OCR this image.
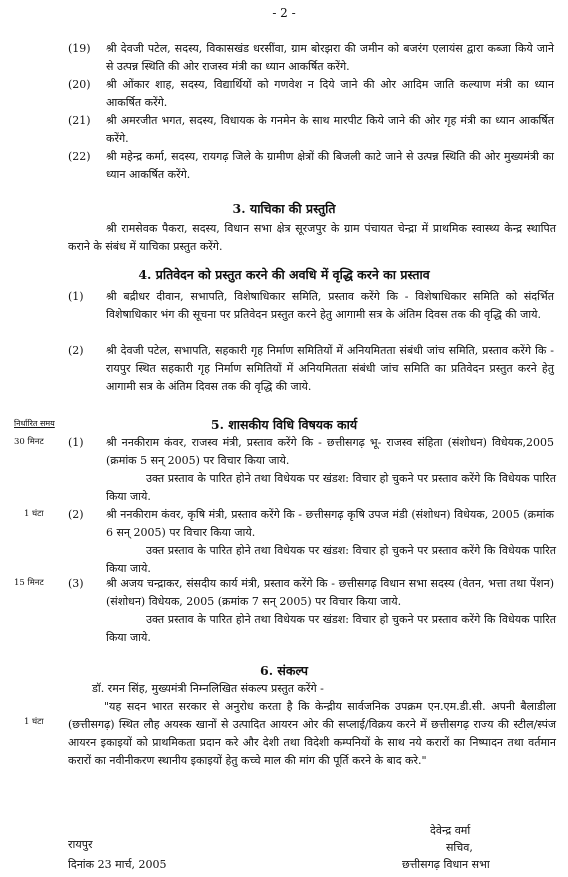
- 2 -
(19) श्री देवजी पटेल, सदस्य, विकासखंड धरसींवा, ग्राम बोरझरा की जमीन को बजरंग एलायंस द्वारा कब्जा किये जाने से उत्पन्न स्थिति की ओर राजस्व मंत्री का ध्यान आकर्षित करेंगे.
(20) श्री ओंकार शाह, सदस्य, विद्यार्थियों को गणवेश न दिये जाने की ओर आदिम जाति कल्याण मंत्री का ध्यान आकर्षित करेंगे.
(21) श्री अमरजीत भगत, सदस्य, विधायक के गनमेन के साथ मारपीट किये जाने की ओर गृह मंत्री का ध्यान आकर्षित करेंगे.
(22) श्री महेन्द्र कर्मा, सदस्य, रायगढ़ जिले के ग्रामीण क्षेत्रों की बिजली काटे जाने से उत्पन्न स्थिति की ओर मुख्यमंत्री का ध्यान आकर्षित करेंगे.
3. याचिका की प्रस्तुति
श्री रामसेवक पैकरा, सदस्य, विधान सभा क्षेत्र सूरजपुर के ग्राम पंचायत चेन्द्रा में प्राथमिक स्वास्थ्य केन्द्र स्थापित कराने के संबंध में याचिका प्रस्तुत करेंगे.
4. प्रतिवेदन को प्रस्तुत करने की अवधि में वृद्धि करने का प्रस्ताव
(1) श्री बद्रीधर दीवान, सभापति, विशेषाधिकार समिति, प्रस्ताव करेंगे कि - विशेषाधिकार समिति को संदर्भित विशेषाधिकार भंग की सूचना पर प्रतिवेदन प्रस्तुत करने हेतु आगामी सत्र के अंतिम दिवस तक की वृद्धि की जाये.
(2) श्री देवजी पटेल, सभापति, सहकारी गृह निर्माण समितियों में अनियमितता संबंधी जांच समिति, प्रस्ताव करेंगे कि - रायपुर स्थित सहकारी गृह निर्माण समितियों में अनियमितता संबंधी जांच समिति का प्रतिवेदन प्रस्तुत करने हेतु आगामी सत्र के अंतिम दिवस तक की वृद्धि की जाये.
5. शासकीय विधि विषयक कार्य
निर्धारित समय
30 मिनट (1) श्री ननकीराम कंवर, राजस्व मंत्री, प्रस्ताव करेंगे कि - छत्तीसगढ़ भू- राजस्व संहिता (संशोधन) विधेयक,2005 (क्रमांक 5 सन् 2005) पर विचार किया जाये.
उक्त प्रस्ताव के पारित होने तथा विधेयक पर खंडश: विचार हो चुकने पर प्रस्ताव करेंगे कि विधेयक पारित किया जाये.
1 घंटा (2) श्री ननकीराम कंवर, कृषि मंत्री, प्रस्ताव करेंगे कि - छत्तीसगढ़ कृषि उपज मंडी (संशोधन) विधेयक, 2005 (क्रमांक 6 सन् 2005) पर विचार किया जाये.
उक्त प्रस्ताव के पारित होने तथा विधेयक पर खंडश: विचार हो चुकने पर प्रस्ताव करेंगे कि विधेयक पारित किया जाये.
15 मिनट (3) श्री अजय चन्द्राकर, संसदीय कार्य मंत्री, प्रस्ताव करेंगे कि - छत्तीसगढ़ विधान सभा सदस्य (वेतन, भत्ता तथा पेंशन) (संशोधन) विधेयक, 2005 (क्रमांक 7 सन् 2005) पर विचार किया जाये.
उक्त प्रस्ताव के पारित होने तथा विधेयक पर खंडश: विचार हो चुकने पर प्रस्ताव करेंगे कि विधेयक पारित किया जाये.
6. संकल्प
डॉ. रमन सिंह, मुख्यमंत्री निम्नलिखित संकल्प प्रस्तुत करेंगे -
1 घंटा
"यह सदन भारत सरकार से अनुरोध करता है कि केन्द्रीय सार्वजनिक उपक्रम एन.एम.डी.सी. अपनी बैलाडीला (छत्तीसगढ़) स्थित लौह अयस्क खानों से उत्पादित आयरन ओर की सप्लाई/विक्रय करने में छत्तीसगढ़ राज्य की स्टील/स्पंज आयरन इकाइयों को प्राथमिकता प्रदान करे और देशी तथा विदेशी कम्पनियों के साथ नये करारों का निष्पादन तथा वर्तमान करारों का नवीनीकरण स्थानीय इकाइयों हेतु कच्चे माल की मांग की पूर्ति करने के बाद करे."
देवेन्द्र वर्मा
सचिव,
छत्तीसगढ़ विधान सभा
रायपुर
दिनांक 23 मार्च, 2005
